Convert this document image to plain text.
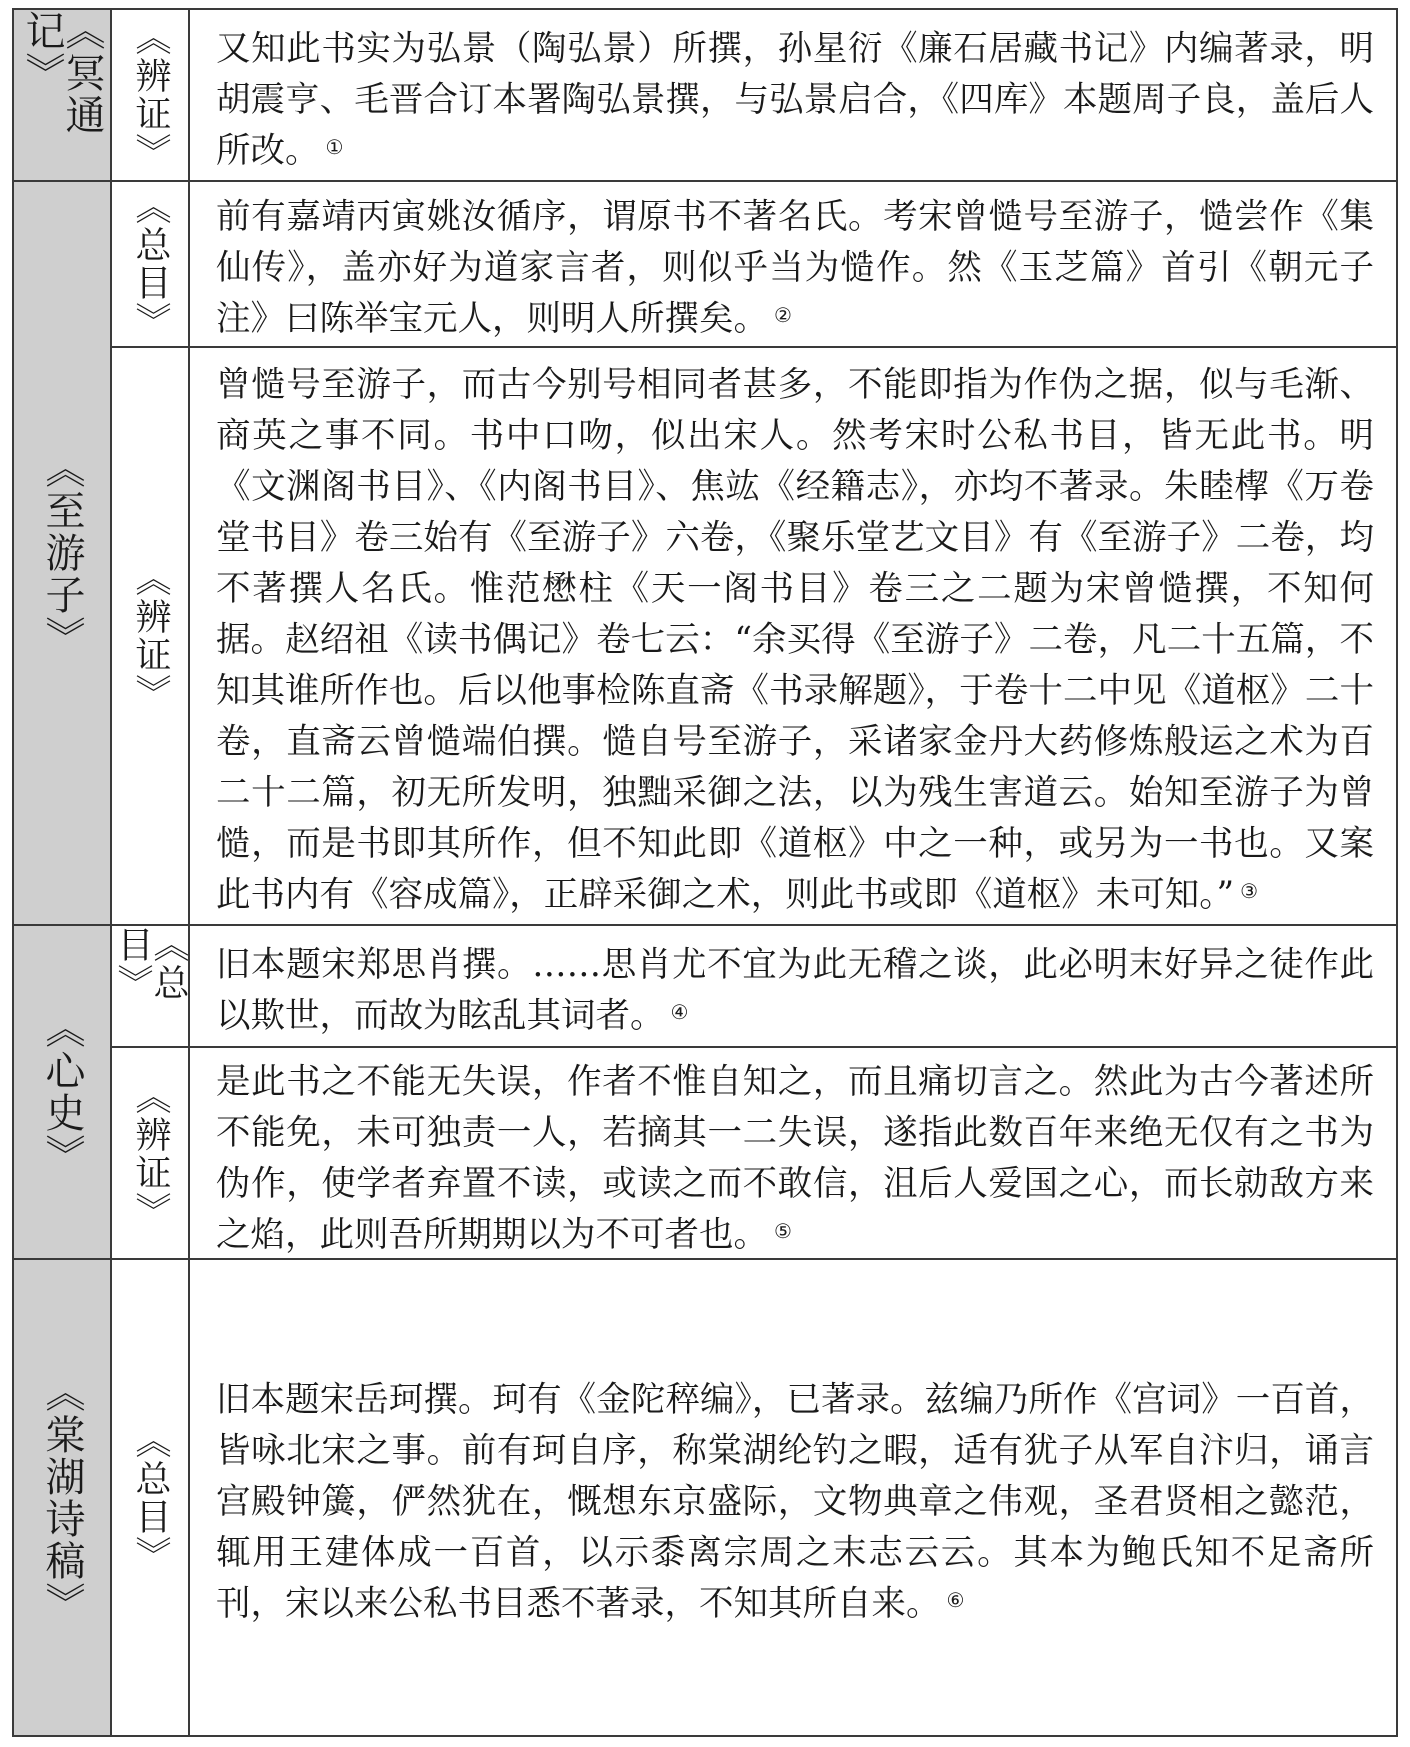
《冥通记》	《辨证》 又知此书实为弘景（陶弘景）所撰，孙星衍《廉石居藏书记》内编著录，明胡震亨、毛晋合订本署陶弘景撰，与弘景启合，《四库》本题周子良，盖后人所改。 ①

《至游子》
《总目》 前有嘉靖丙寅姚汝循序，谓原书不著名氏。考宋曾慥号至游子，慥尝作《集仙传》，盖亦好为道家言者，则似乎当为慥作。然《玉芝篇》首引《朝元子注》曰陈举宝元人，则明人所撰矣。 ②

《辨证》

曾慥号至游子，而古今别号相同者甚多，不能即指为作伪之据，似与毛渐、商英之事不同。书中口吻，似出宋人。然考宋时公私书目，皆无此书。明《文渊阁书目》、《内阁书目》、焦竑《经籍志》，亦均不著录。朱睦㮮《万卷堂书目》卷三始有《至游子》六卷，《聚乐堂艺文目》有《至游子》二卷，均不著撰人名氏。惟范懋柱《天一阁书目》卷三之二题为宋曾慥撰，不知何据。赵绍祖《读书偶记》卷七云：“余买得《至游子》二卷，凡二十五篇，不知其谁所作也。后以他事检陈直斋《书录解题》，于卷十二中见《道枢》二十卷，直斋云曾慥端伯撰。慥自号至游子，采诸家金丹大药修炼般运之术为百二十二篇，初无所发明，独黜采御之法，以为残生害道云。始知至游子为曾慥，而是书即其所作，但不知此即《道枢》中之一种，或另为一书也。又案此书内有《容成篇》，正辟采御之术，则此书或即《道枢》未可知。” ③

《心史》
《总目》	旧本题宋郑思肖撰。……思肖尤不宜为此无稽之谈，此必明末好异之徒作此以欺世，而故为眩乱其词者。 ④

《辨证》 是此书之不能无失误，作者不惟自知之，而且痛切言之。然此为古今著述所不能免，未可独责一人，若摘其一二失误，遂指此数百年来绝无仅有之书为伪作，使学者弃置不读，或读之而不敢信，沮后人爱国之心，而长勍敌方来之焰，此则吾所期期以为不可者也。 ⑤

《棠湖诗稿》 《总目》

旧本题宋岳珂撰。珂有《金陀稡编》，已著录。兹编乃所作《宫词》一百首，皆咏北宋之事。前有珂自序，称棠湖纶钓之暇，适有犹子从军自汴归，诵言宫殿钟簴，俨然犹在，慨想东京盛际，文物典章之伟观，圣君贤相之懿范，辄用王建体成一百首，以示黍离宗周之末志云云。其本为鲍氏知不足斋所刊，宋以来公私书目悉不著录，不知其所自来。 ⑥
